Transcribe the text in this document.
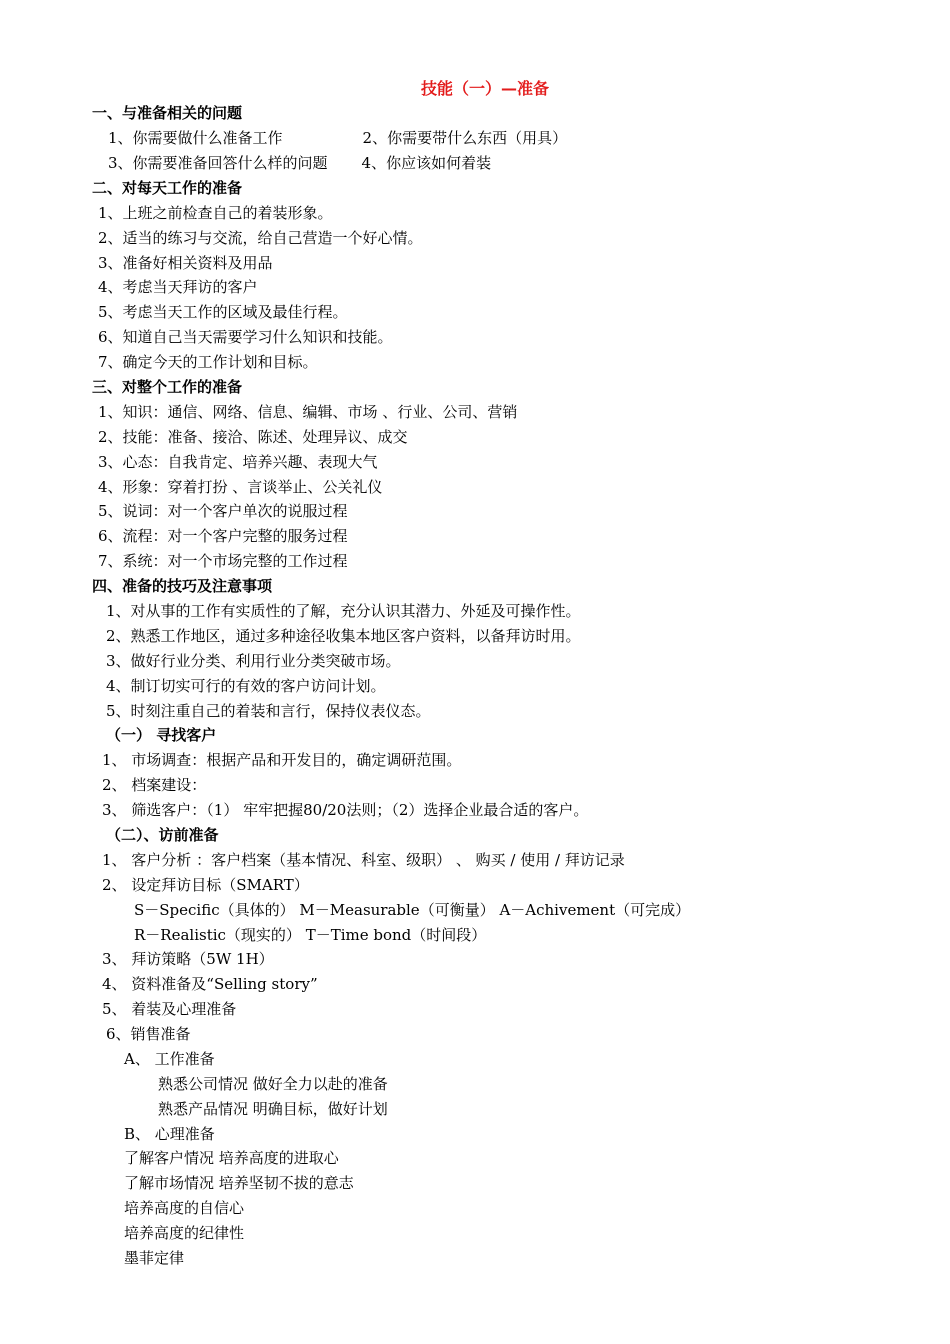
技能（一）—准备
一、与准备相关的问题
1、你需要做什么准备工作	2、你需要带什么东西（用具）
3、你需要准备回答什么样的问题 4、你应该如何着装
二、对每天工作的准备
1、上班之前检查自己的着装形象。
2、适当的练习与交流，给自己营造一个好心情。
3、准备好相关资料及用品
4、考虑当天拜访的客户
5、考虑当天工作的区域及最佳行程。
6、知道自己当天需要学习什么知识和技能。
7、确定今天的工作计划和目标。
三、对整个工作的准备
1、知识：通信、网络、信息、编辑、市场 、行业、公司、营销
2、技能：准备、接洽、陈述、处理异议、成交
3、心态：自我肯定、培养兴趣、表现大气
4、形象：穿着打扮 、言谈举止、公关礼仪
5、说词：对一个客户单次的说服过程
6、流程：对一个客户完整的服务过程
7、系统：对一个市场完整的工作过程
四、准备的技巧及注意事项
1、对从事的工作有实质性的了解，充分认识其潜力、外延及可操作性。
2、熟悉工作地区，通过多种途径收集本地区客户资料，以备拜访时用。
3、做好行业分类、利用行业分类突破市场。
4、制订切实可行的有效的客户访问计划。
5、时刻注重自己的着装和言行，保持仪表仪态。
（一） 寻找客户
1、 市场调查：根据产品和开发目的，确定调研范围。
2、 档案建设：
3、 筛选客户：（1） 牢牢把握80/20法则；（2）选择企业最合适的客户。
（二）、访前准备
1、 客户分析 ：客户档案（基本情况、科室、级职） 、 购买 / 使用 / 拜访记录
2、 设定拜访目标（SMART）
S－Specific（具体的） M－Measurable（可衡量） A－Achivement（可完成）
R－Realistic（现实的） T－Time bond（时间段）
3、 拜访策略（5W 1H）
4、 资料准备及“Selling story”
5、 着装及心理准备
6、销售准备
A、 工作准备
熟悉公司情况 做好全力以赴的准备
熟悉产品情况 明确目标，做好计划
B、 心理准备
了解客户情况 培养高度的进取心
了解市场情况 培养坚韧不拔的意志
培养高度的自信心
培养高度的纪律性
墨菲定律
